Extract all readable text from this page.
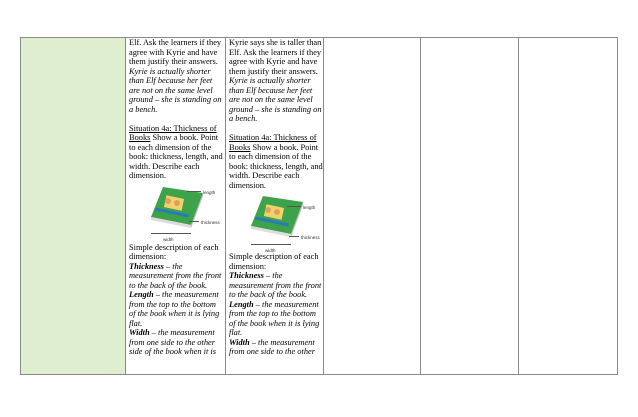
Elf. Ask the learners if they agree with Kyrie and have them justify their answers.

Kyrie is actually shorter than Elf because her feet are not on the same level ground – she is standing on a bench.

Situation 4a: Thickness of Books Show a book. Point to each dimension of the book: thickness, length, and width. Describe each dimension.

length
thickness
width

Simple description of each dimension:

Thickness – the measurement from the front to the back of the book.

Length – the measurement from the top to the bottom of the book when it is lying flat.

Width – the measurement from one side to the other side of the book when it is

Kyrie says she is taller than Elf. Ask the learners if they agree with Kyrie and have them justify their answers.

Kyrie is actually shorter than Elf because her feet are not on the same level ground – she is standing on a bench.

Situation 4a: Thickness of Books Show a book. Point to each dimension of the book: thickness, length, and width. Describe each dimension.

length
thickness
width

Simple description of each dimension:

Thickness – the measurement from the front to the back of the book.

Length – the measurement from the top to the bottom of the book when it is lying flat.

Width – the measurement from one side to the other
